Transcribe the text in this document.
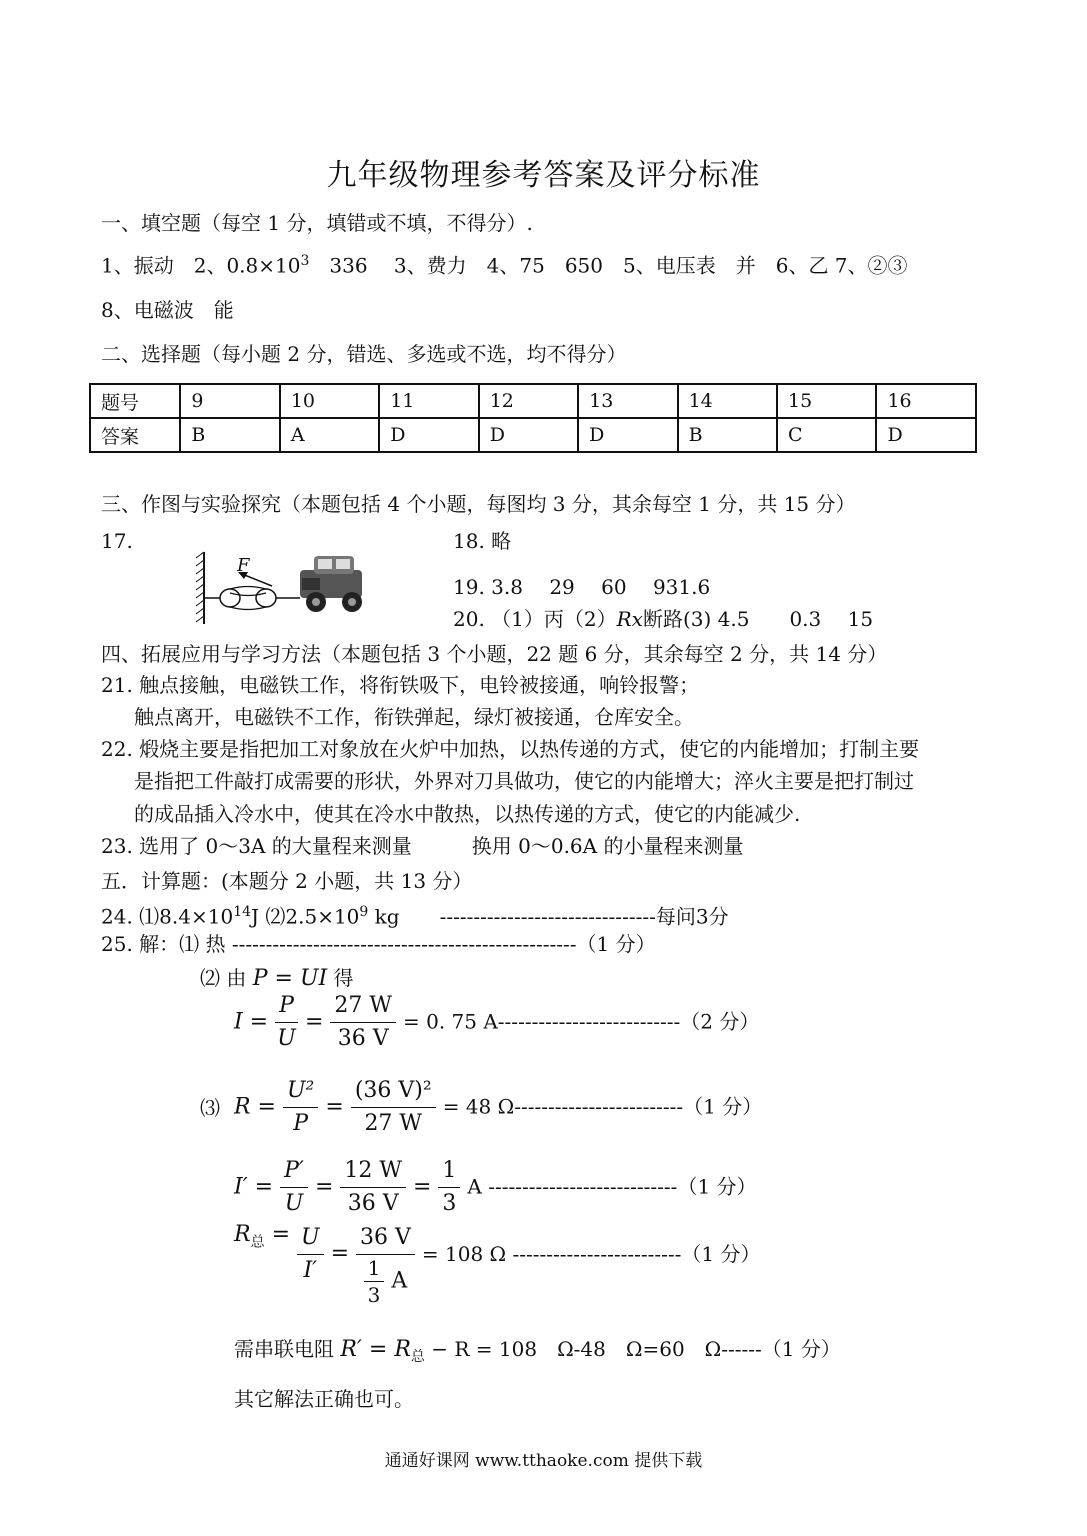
九年级物理参考答案及评分标准
一、填空题（每空 1 分，填错或不填，不得分）.
1、振动　2、$0.8\times 10^3$　336　 3、费力　4、75　650　5、电压表　并　6、乙 7、②③
8、电磁波　能
二、选择题（每小题 2 分，错选、多选或不选，均不得分）
题号	9	10	11	12	13	14	15	16
答案	B	A	D	D	D	B	C	D
三、作图与实验探究（本题包括 4 个小题，每图均 3 分，其余每空 1 分，共 15 分）
17.
F
18. 略
19. 3.8　 29　 60　 931.6
20. （1）丙（2）Rx断路(3) 4.5　　0.3　 15
四、拓展应用与学习方法（本题包括 3 个小题，22 题 6 分，其余每空 2 分，共 14 分）
21. 触点接触，电磁铁工作，将衔铁吸下，电铃被接通，响铃报警；
触点离开，电磁铁不工作，衔铁弹起，绿灯被接通，仓库安全。
22. 煅烧主要是指把加工对象放在火炉中加热，以热传递的方式，使它的内能增加；打制主要
是指把工件敲打成需要的形状，外界对刀具做功，使它的内能增大；淬火主要是把打制过
的成品插入冷水中，使其在冷水中散热，以热传递的方式，使它的内能减少.
23. 选用了 0～3A 的大量程来测量　　　换用 0～0.6A 的小量程来测量
五．计算题：(本题分 2 小题，共 13 分）
24. $⑴8.4\times 10^{14}J$ $⑵2.5\times 10^9$ kg　　--------------------------------每问3分
25. 解：⑴ 热 ---------------------------------------------------（1 分）
⑵ 由 P = UI 得
$I = \frac{P}{U} = \frac{27 W}{36 V} = 0$. 75 A---------------------------（2 分）
⑶ $R = \frac{\text{U²}}{P} = \frac{\text{(36 V)²}}{27 W} = 48$ Ω-------------------------（1 分）
$I' = \frac{P'}{U} = \frac{12 W}{36 V} = \frac{1}{3}$ A ----------------------------（1 分）
$R_总 = \frac{U}{I'} = \frac{36 V}{\frac{1}{3} A} = 108$ Ω -------------------------（1 分）
需串联电阻 $R' = R_总 - R = 108$　Ω-48　Ω=60　Ω------（1 分）
其它解法正确也可。
通通好课网 www.tthaoke.com 提供下载
